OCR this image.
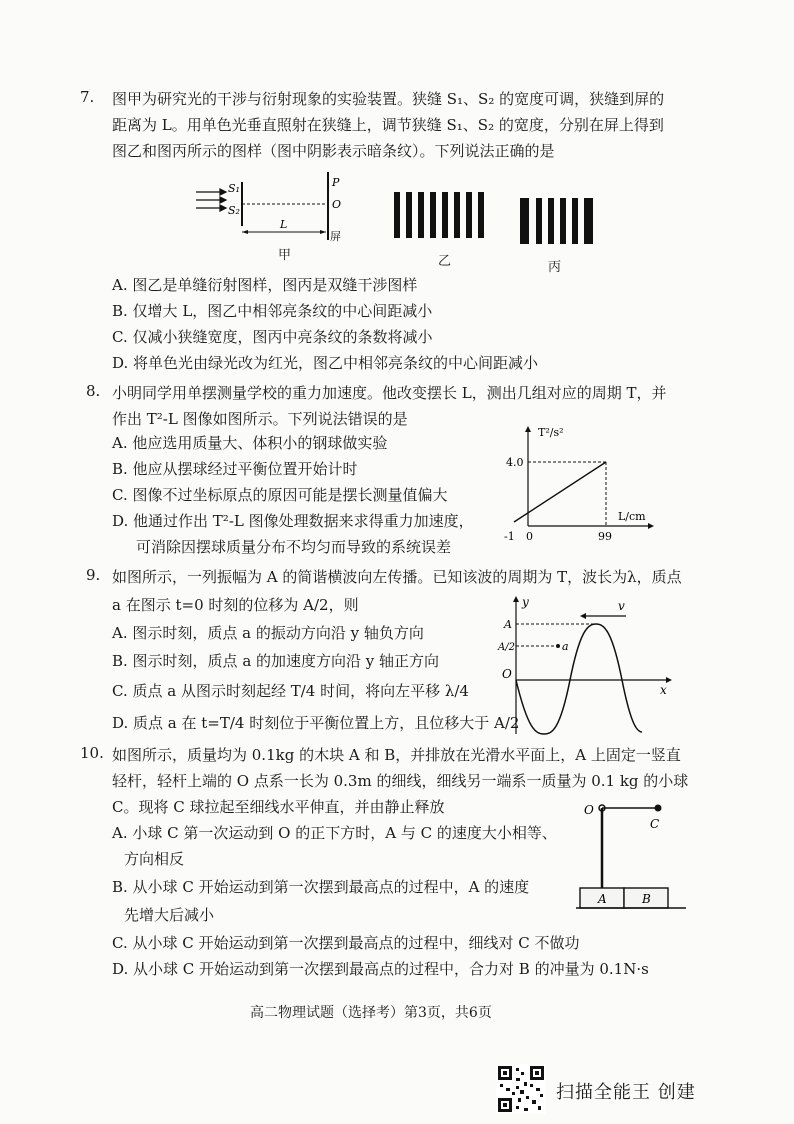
7. 图甲为研究光的干涉与衍射现象的实验装置。狭缝 S₁、S₂ 的宽度可调，狭缝到屏的
距离为 L。用单色光垂直照射在狭缝上，调节狭缝 S₁、S₂ 的宽度，分别在屏上得到
图乙和图丙所示的图样（图中阴影表示暗条纹）。下列说法正确的是
S₁
S₂
P
O
L
屏
甲	乙	丙
A. 图乙是单缝衍射图样，图丙是双缝干涉图样
B. 仅增大 L，图乙中相邻亮条纹的中心间距减小
C. 仅减小狭缝宽度，图丙中亮条纹的条数将减小
D. 将单色光由绿光改为红光，图乙中相邻亮条纹的中心间距减小
8. 小明同学用单摆测量学校的重力加速度。他改变摆长 L，测出几组对应的周期 T，并
作出 T²-L 图像如图所示。下列说法错误的是
A. 他应选用质量大、体积小的钢球做实验
B. 他应从摆球经过平衡位置开始计时
C. 图像不过坐标原点的原因可能是摆长测量值偏大
D. 他通过作出 T²-L 图像处理数据来求得重力加速度，
可消除因摆球质量分布不均匀而导致的系统误差
T²/s²
4.0
L/cm
-1 0	99
9. 如图所示，一列振幅为 A 的简谐横波向左传播。已知该波的周期为 T，波长为λ，质点
a 在图示 t=0 时刻的位移为 A/2，则
A. 图示时刻，质点 a 的振动方向沿 y 轴负方向
B. 图示时刻，质点 a 的加速度方向沿 y 轴正方向
C. 质点 a 从图示时刻起经 T/4 时间，将向左平移 λ/4
D. 质点 a 在 t=T/4 时刻位于平衡位置上方，且位移大于 A/2
y
x
O
A
A/2	a
v
10. 如图所示，质量均为 0.1kg 的木块 A 和 B，并排放在光滑水平面上，A 上固定一竖直
轻杆，轻杆上端的 O 点系一长为 0.3m 的细线，细线另一端系一质量为 0.1 kg 的小球
C。现将 C 球拉起至细线水平伸直，并由静止释放
A. 小球 C 第一次运动到 O 的正下方时，A 与 C 的速度大小相等、
方向相反
B. 从小球 C 开始运动到第一次摆到最高点的过程中，A 的速度
先增大后减小
C. 从小球 C 开始运动到第一次摆到最高点的过程中，细线对 C 不做功
D. 从小球 C 开始运动到第一次摆到最高点的过程中，合力对 B 的冲量为 0.1N·s
O
C
A	B
高二物理试题（选择考）第3页，共6页
扫描全能王 创建
